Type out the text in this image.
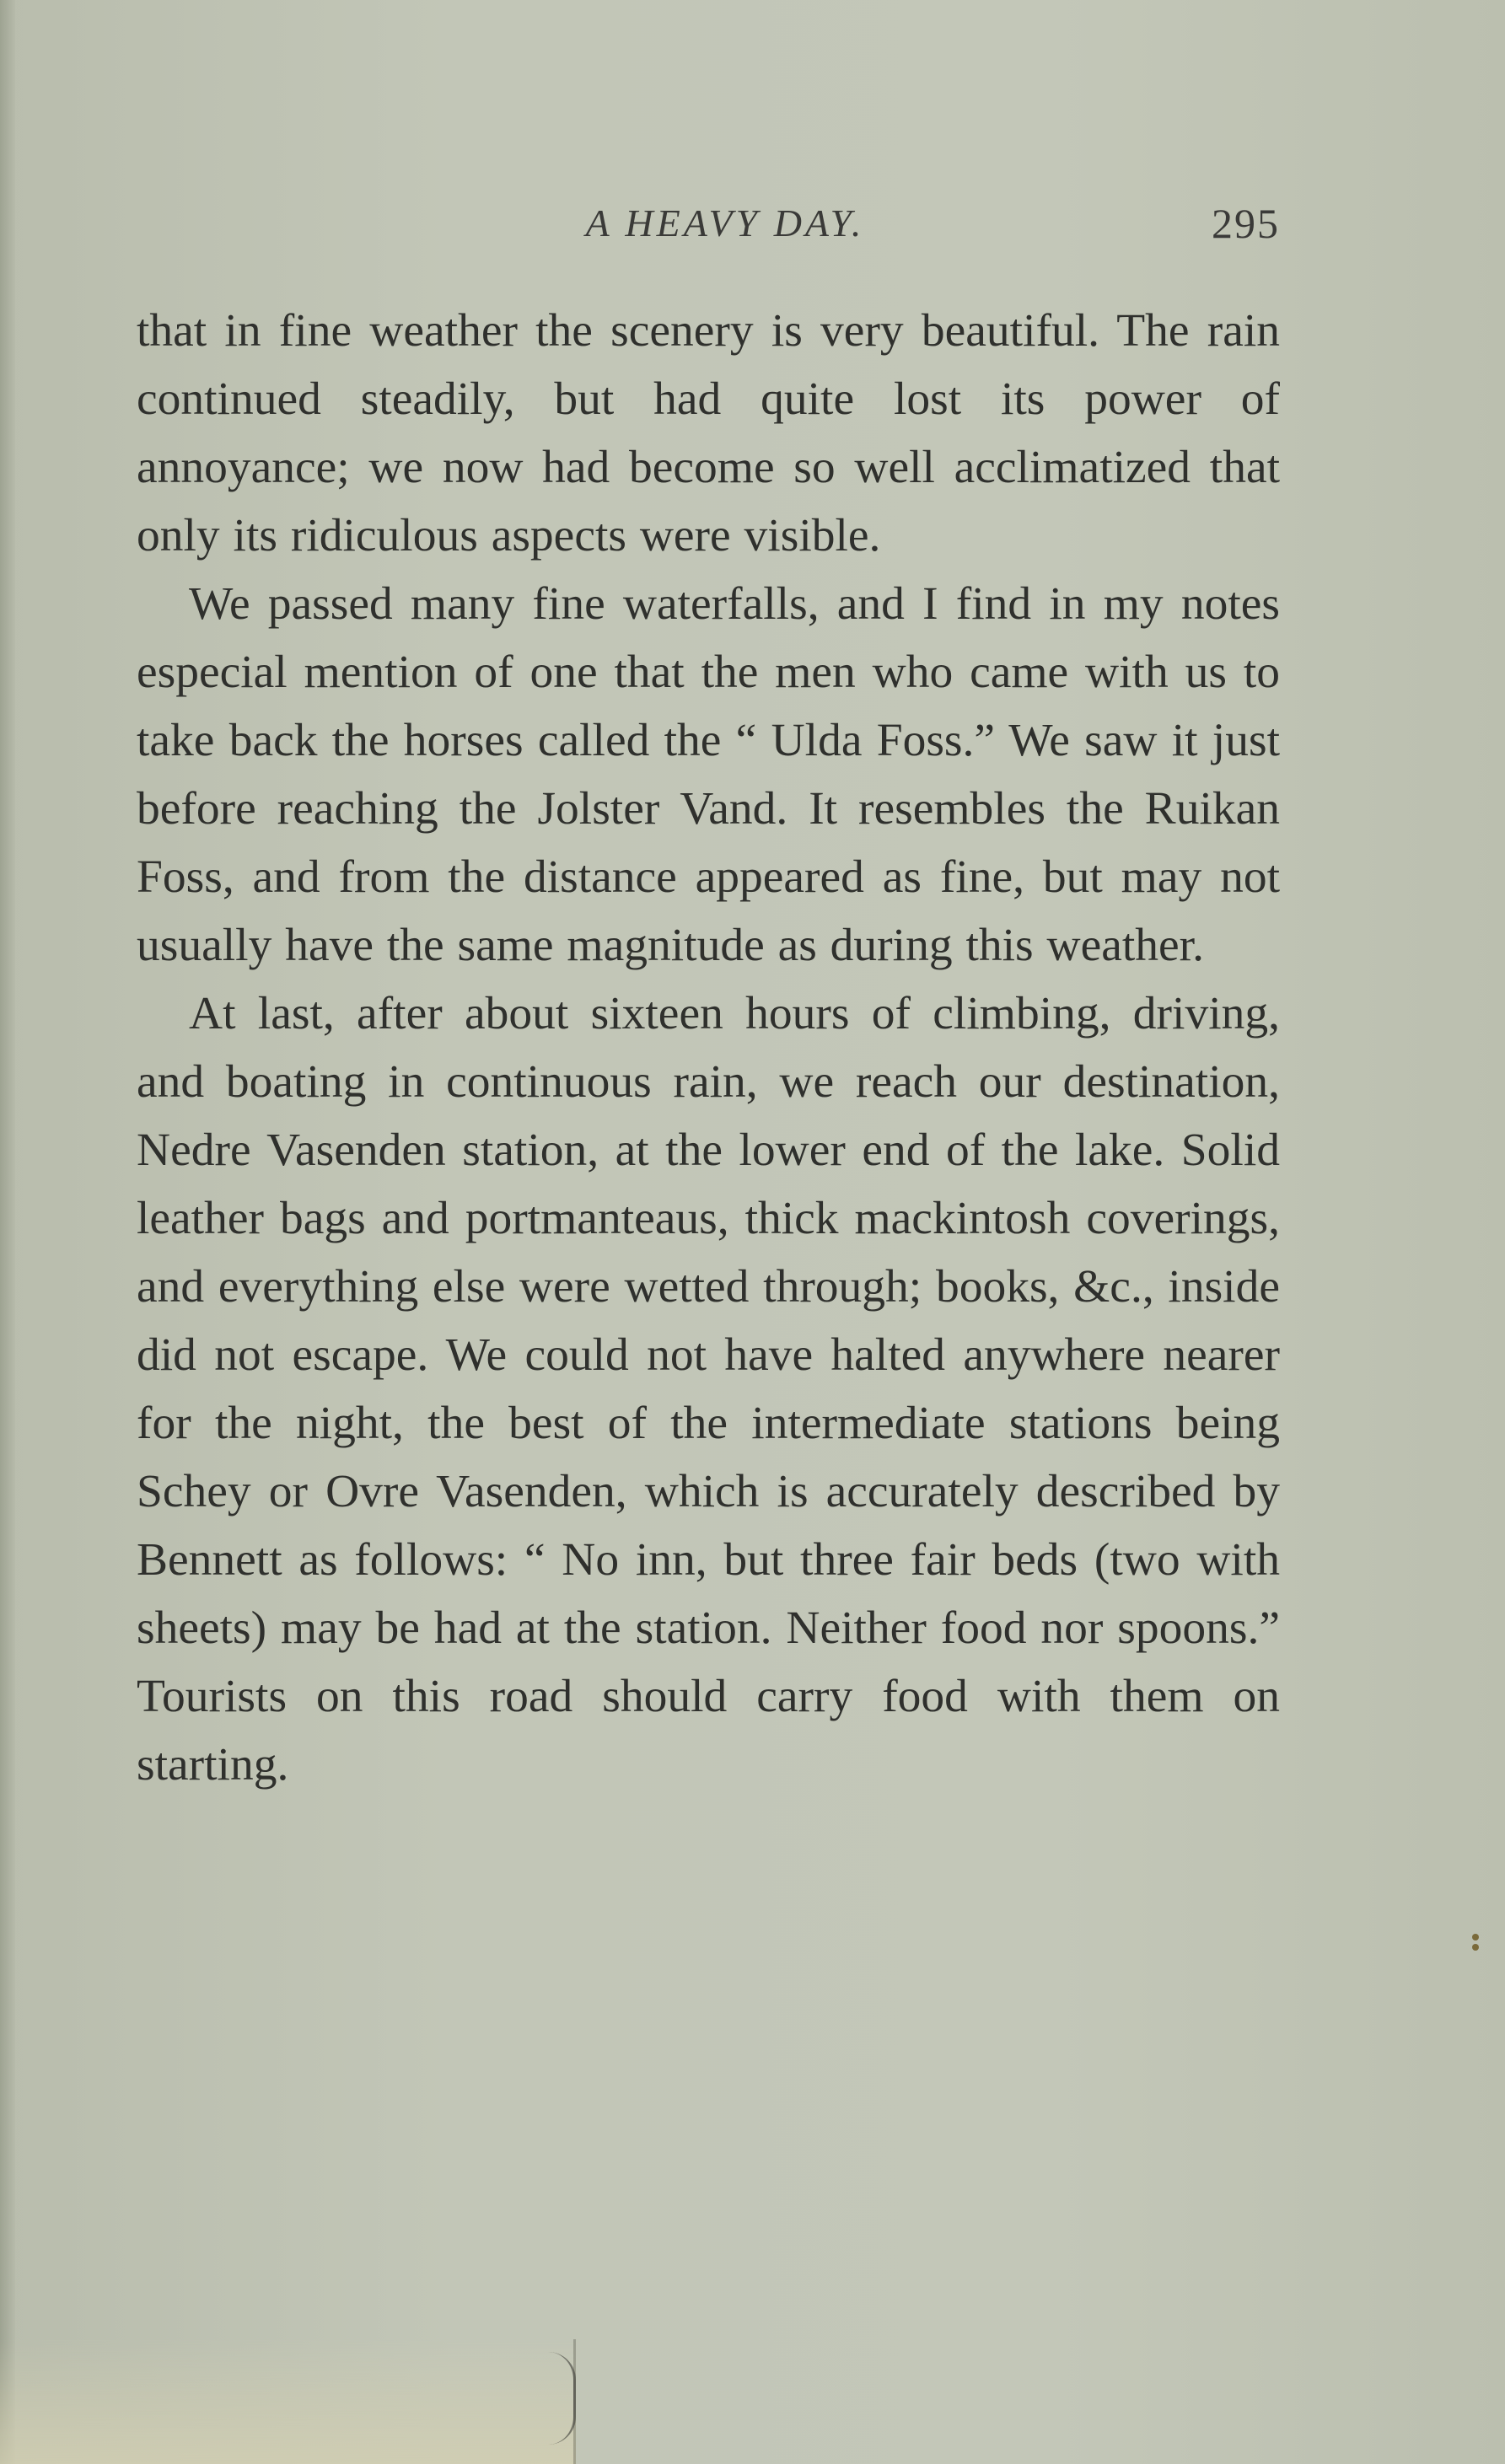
A HEAVY DAY.	295

that in fine weather the scenery is very beautiful. The rain continued steadily, but had quite lost its power of annoyance; we now had become so well acclimatized that only its ridiculous aspects were visible.

We passed many fine waterfalls, and I find in my notes especial mention of one that the men who came with us to take back the horses called the “ Ulda Foss.” We saw it just before reaching the Jolster Vand. It resembles the Ruikan Foss, and from the distance appeared as fine, but may not usually have the same magnitude as during this weather.

At last, after about sixteen hours of climbing, driving, and boating in continuous rain, we reach our destination, Nedre Vasenden station, at the lower end of the lake. Solid leather bags and portmanteaus, thick mackintosh coverings, and everything else were wetted through; books, &c., inside did not escape. We could not have halted anywhere nearer for the night, the best of the intermediate stations being Schey or Ovre Vasenden, which is accurately described by Bennett as follows: “ No inn, but three fair beds (two with sheets) may be had at the station. Neither food nor spoons.” Tourists on this road should carry food with them on starting.
